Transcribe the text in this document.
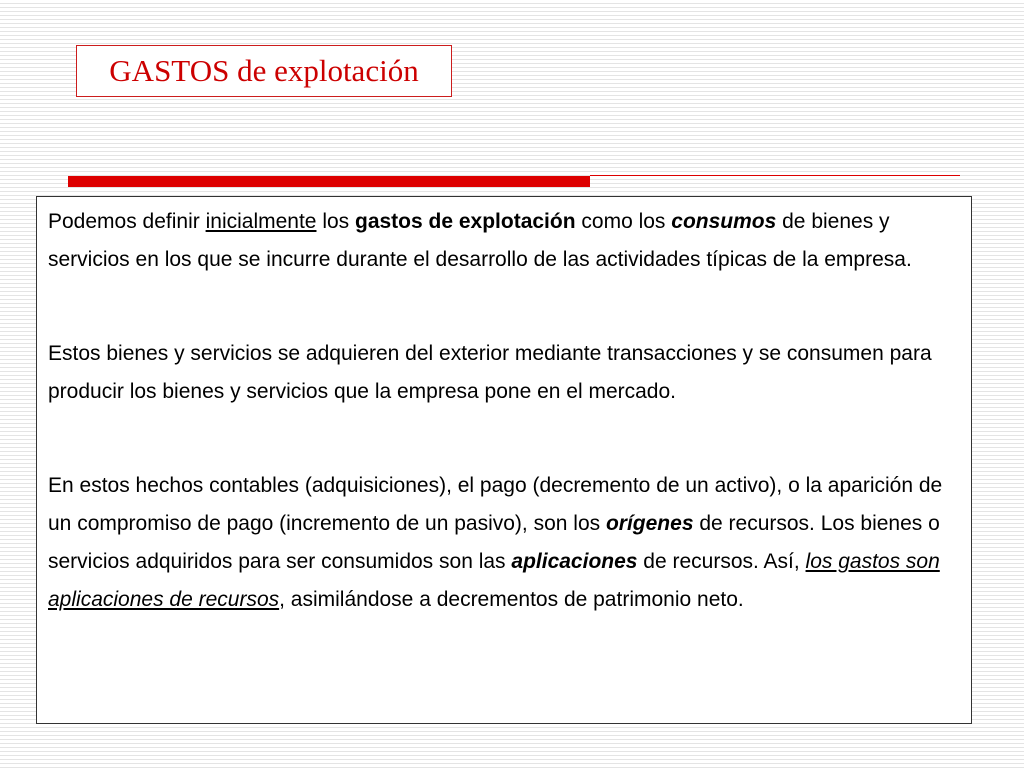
GASTOS de explotación

Podemos definir inicialmente los gastos de explotación como los consumos de bienes y servicios en los que se incurre durante el desarrollo de las actividades típicas de la empresa.

Estos bienes y servicios se adquieren del exterior mediante transacciones y se consumen para producir los bienes y servicios que la empresa pone en el mercado.

En estos hechos contables (adquisiciones), el pago (decremento de un activo), o la aparición de un compromiso de pago (incremento de un pasivo), son los orígenes de recursos. Los bienes o servicios adquiridos para ser consumidos son las aplicaciones de recursos. Así, los gastos son aplicaciones de recursos, asimilándose a decrementos de patrimonio neto.
